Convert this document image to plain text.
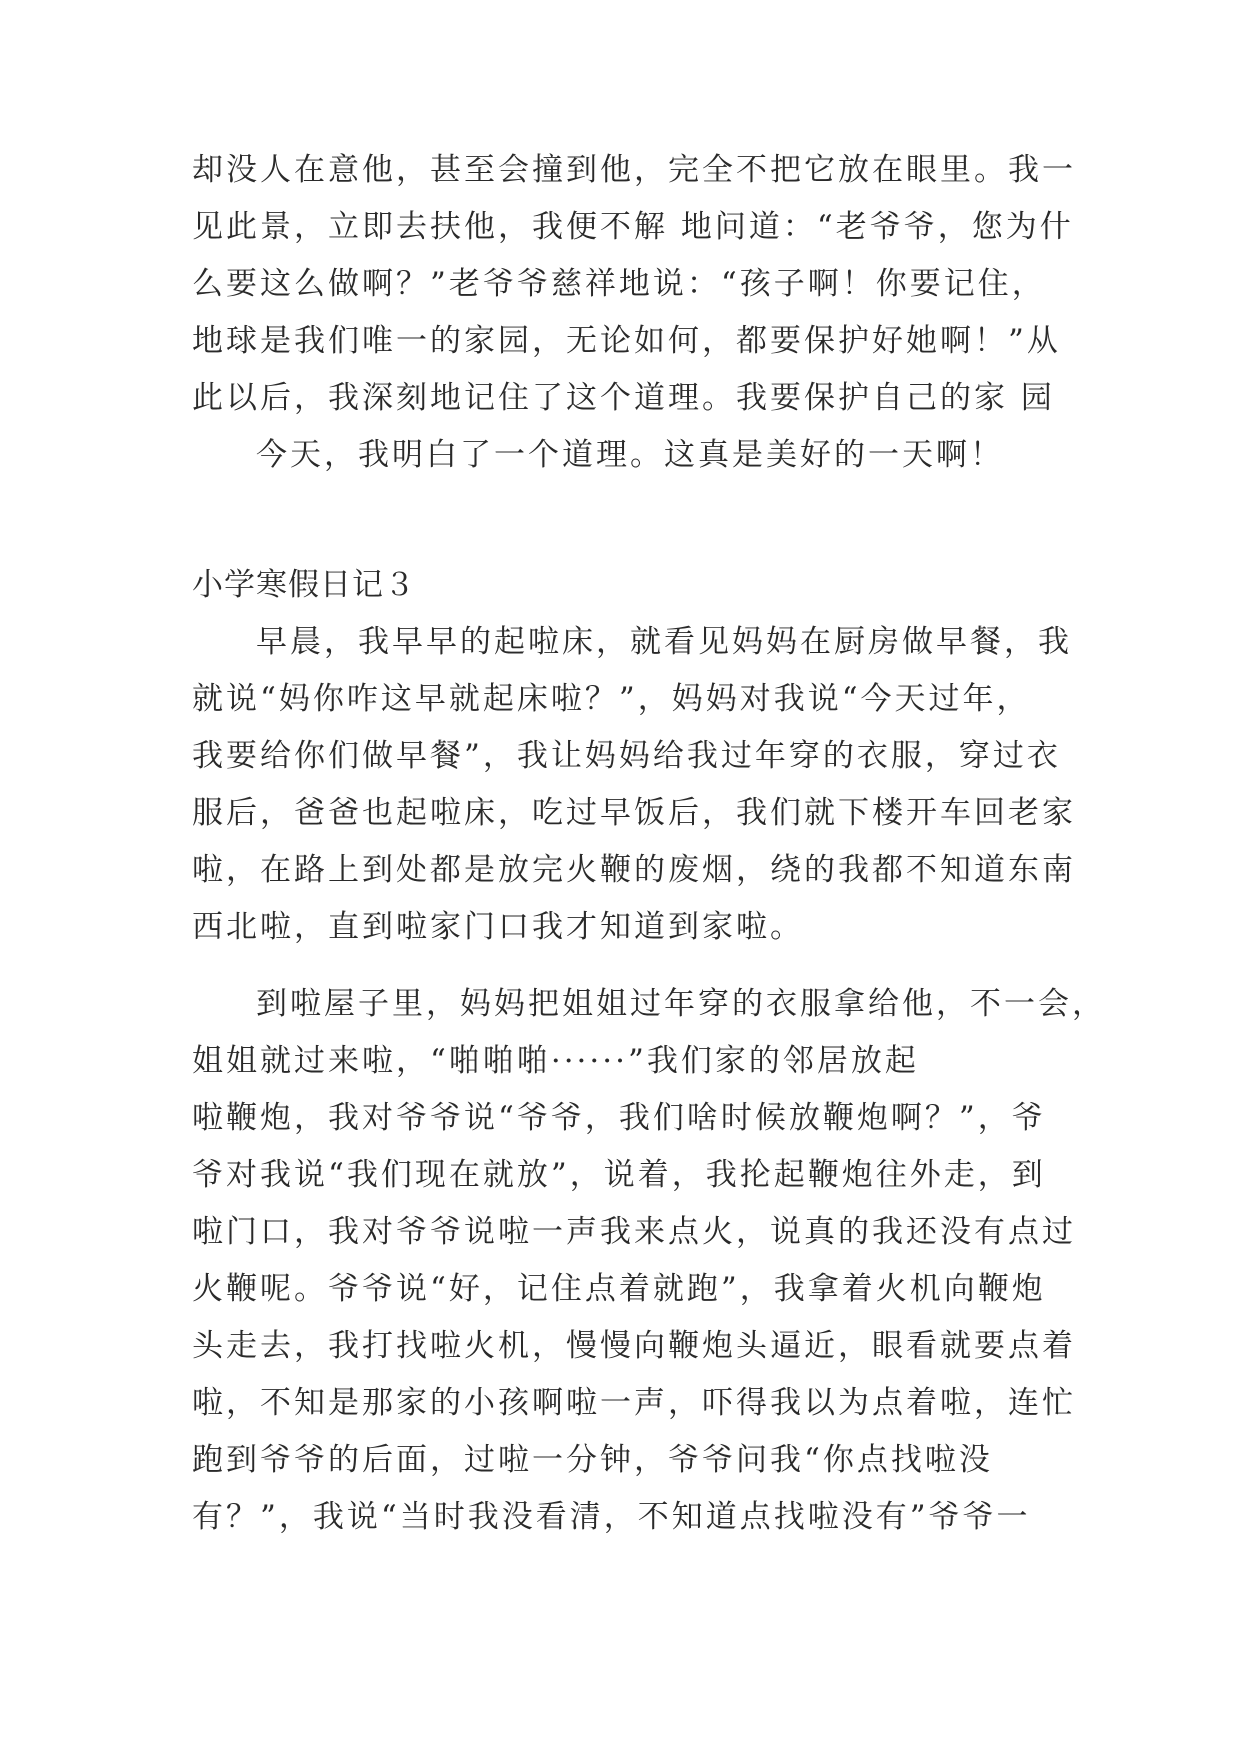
却没人在意他，甚至会撞到他，完全不把它放在眼里。我一
见此景，立即去扶他，我便不解 地问道：“老爷爷，您为什
么要这么做啊？”老爷爷慈祥地说：“孩子啊！你要记住，
地球是我们唯一的家园，无论如何，都要保护好她啊！”从
此以后，我深刻地记住了这个道理。我要保护自己的家 园
今天，我明白了一个道理。这真是美好的一天啊！
小学寒假日记３
早晨，我早早的起啦床，就看见妈妈在厨房做早餐，我
就说“妈你咋这早就起床啦？”，妈妈对我说“今天过年，
我要给你们做早餐”，我让妈妈给我过年穿的衣服，穿过衣
服后，爸爸也起啦床，吃过早饭后，我们就下楼开车回老家
啦，在路上到处都是放完火鞭的废烟，绕的我都不知道东南
西北啦，直到啦家门口我才知道到家啦。
到啦屋子里，妈妈把姐姐过年穿的衣服拿给他，不一会，
姐姐就过来啦，“啪啪啪······”我们家的邻居放起
啦鞭炮，我对爷爷说“爷爷，我们啥时候放鞭炮啊？”，爷
爷对我说“我们现在就放”，说着，我抡起鞭炮往外走，到
啦门口，我对爷爷说啦一声我来点火，说真的我还没有点过
火鞭呢。爷爷说“好，记住点着就跑”，我拿着火机向鞭炮
头走去，我打找啦火机，慢慢向鞭炮头逼近，眼看就要点着
啦，不知是那家的小孩啊啦一声，吓得我以为点着啦，连忙
跑到爷爷的后面，过啦一分钟，爷爷问我“你点找啦没
有？”，我说“当时我没看清，不知道点找啦没有”爷爷一
